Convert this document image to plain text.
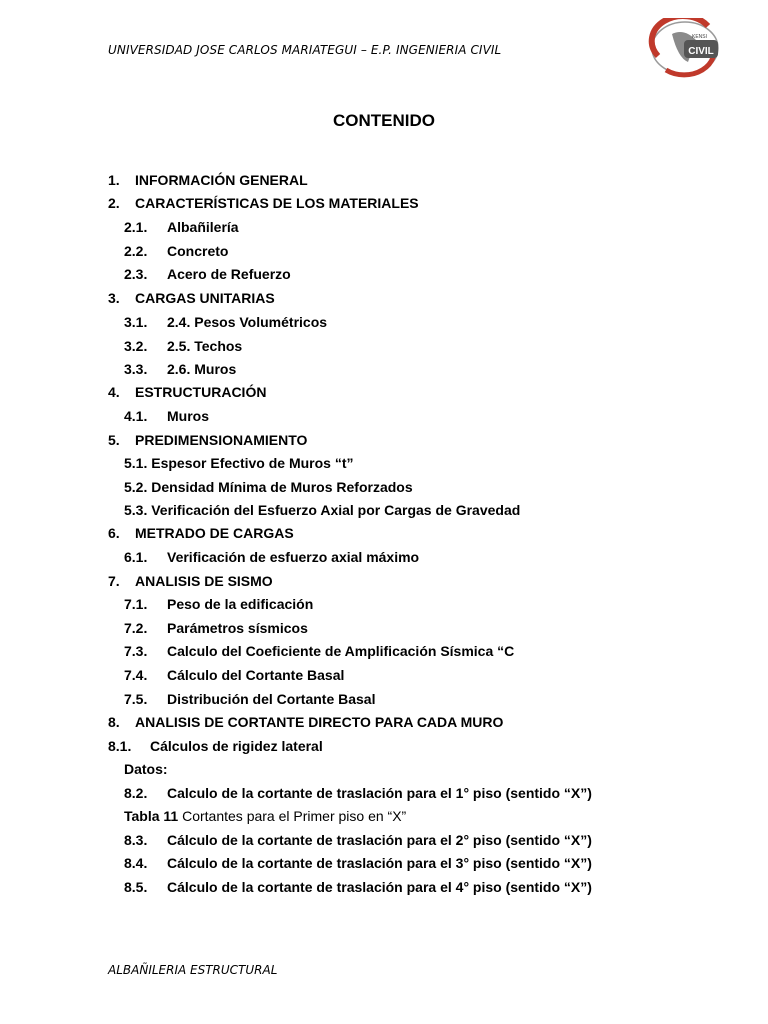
UNIVERSIDAD JOSE CARLOS MARIATEGUI – E.P. INGENIERIA CIVIL	CIVIL
KENSI
CONTENIDO
1. INFORMACIÓN GENERAL
2. CARACTERÍSTICAS DE LOS MATERIALES
2.1. Albañilería
2.2. Concreto
2.3. Acero de Refuerzo
3. CARGAS UNITARIAS
3.1. 2.4. Pesos Volumétricos
3.2. 2.5. Techos
3.3. 2.6. Muros
4. ESTRUCTURACIÓN
4.1. Muros
5. PREDIMENSIONAMIENTO
5.1. Espesor Efectivo de Muros “t”
5.2. Densidad Mínima de Muros Reforzados
5.3. Verificación del Esfuerzo Axial por Cargas de Gravedad
6. METRADO DE CARGAS
6.1. Verificación de esfuerzo axial máximo
7. ANALISIS DE SISMO
7.1. Peso de la edificación
7.2. Parámetros sísmicos
7.3. Calculo del Coeficiente de Amplificación Sísmica “C
7.4. Cálculo del Cortante Basal
7.5. Distribución del Cortante Basal
8. ANALISIS DE CORTANTE DIRECTO PARA CADA MURO
8.1. Cálculos de rigidez lateral
Datos:
8.2. Calculo de la cortante de traslación para el 1° piso (sentido “X”)
Tabla 11 Cortantes para el Primer piso en “X”
8.3. Cálculo de la cortante de traslación para el 2° piso (sentido “X”)
8.4. Cálculo de la cortante de traslación para el 3° piso (sentido “X”)
8.5. Cálculo de la cortante de traslación para el 4° piso (sentido “X”)
ALBAÑILERIA ESTRUCTURAL
